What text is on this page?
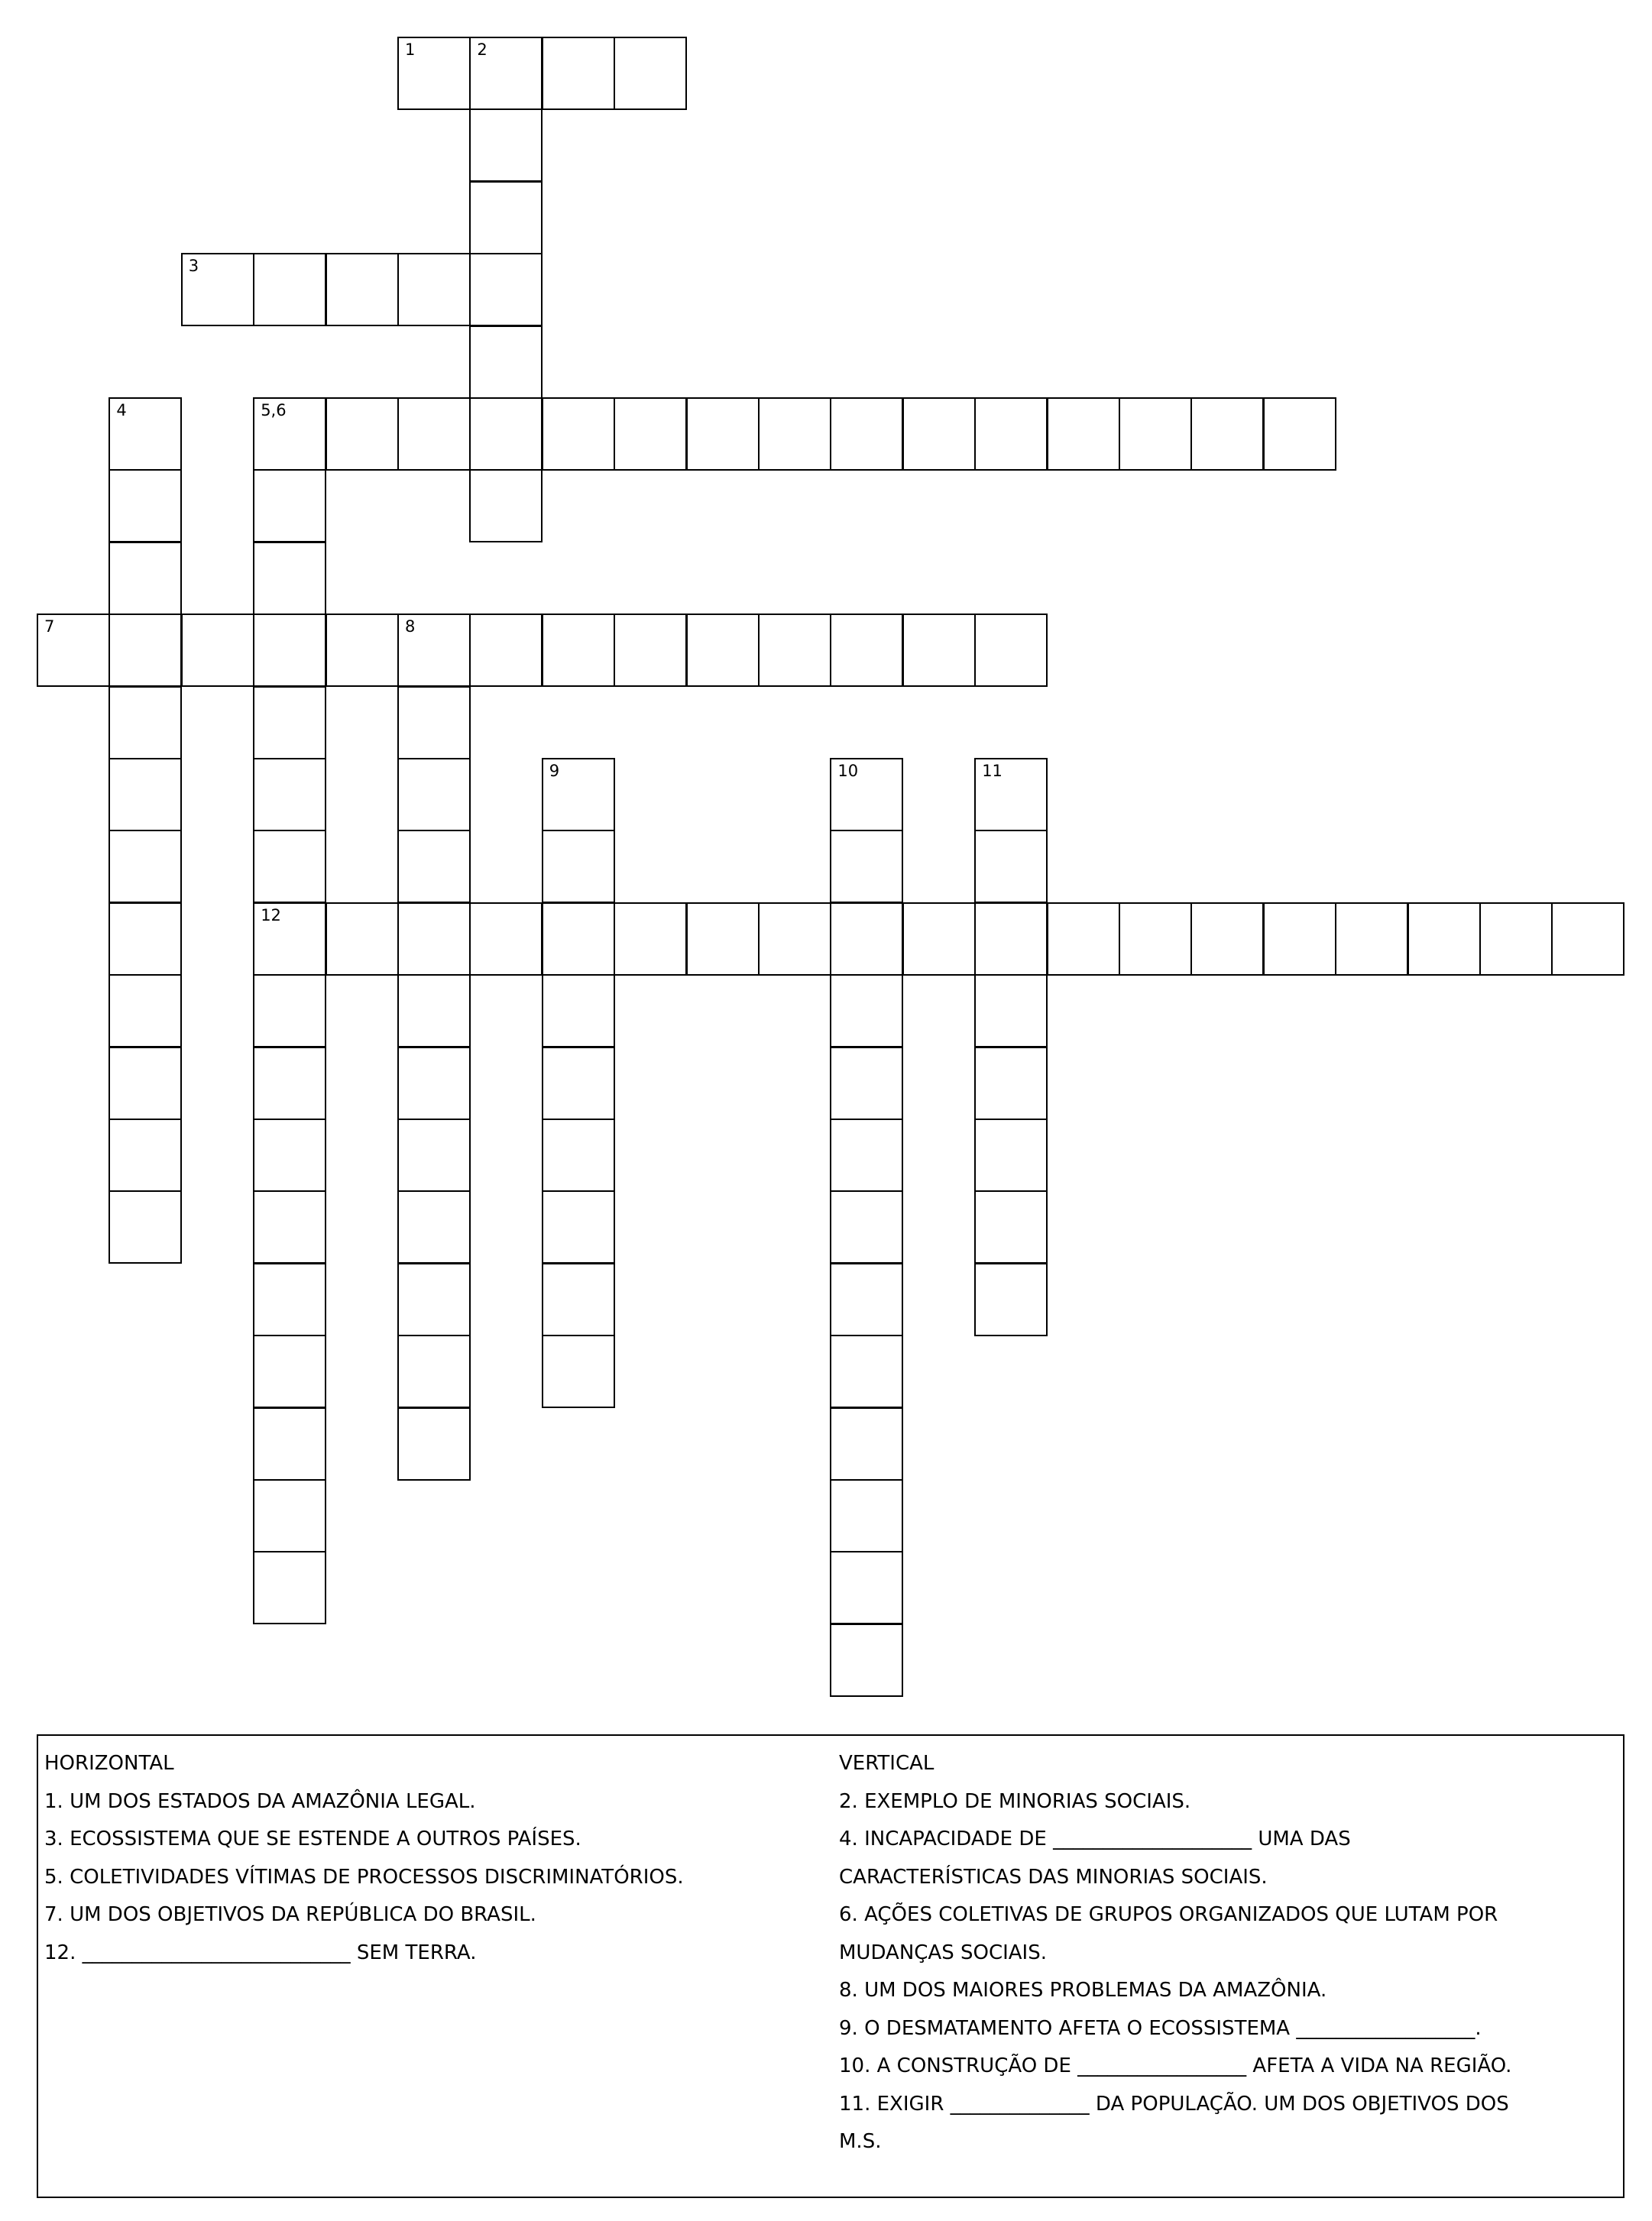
1	2
3
4	5,6
12
7	8
9	10	11
HORIZONTAL
1. UM DOS ESTADOS DA AMAZÔNIA LEGAL.
3. ECOSSISTEMA QUE SE ESTENDE A OUTROS PAÍSES.
5. COLETIVIDADES VÍTIMAS DE PROCESSOS DISCRIMINATÓRIOS.
7. UM DOS OBJETIVOS DA REPÚBLICA DO BRASIL.
12. ___________________________ SEM TERRA.
VERTICAL
2. EXEMPLO DE MINORIAS SOCIAIS.
4. INCAPACIDADE DE ____________________ UMA DAS
CARACTERÍSTICAS DAS MINORIAS SOCIAIS.
6. AÇÕES COLETIVAS DE GRUPOS ORGANIZADOS QUE LUTAM POR
MUDANÇAS SOCIAIS.
8. UM DOS MAIORES PROBLEMAS DA AMAZÔNIA.
9. O DESMATAMENTO AFETA O ECOSSISTEMA __________________.
10. A CONSTRUÇÃO DE _________________ AFETA A VIDA NA REGIÃO.
11. EXIGIR ______________ DA POPULAÇÃO. UM DOS OBJETIVOS DOS
M.S.
